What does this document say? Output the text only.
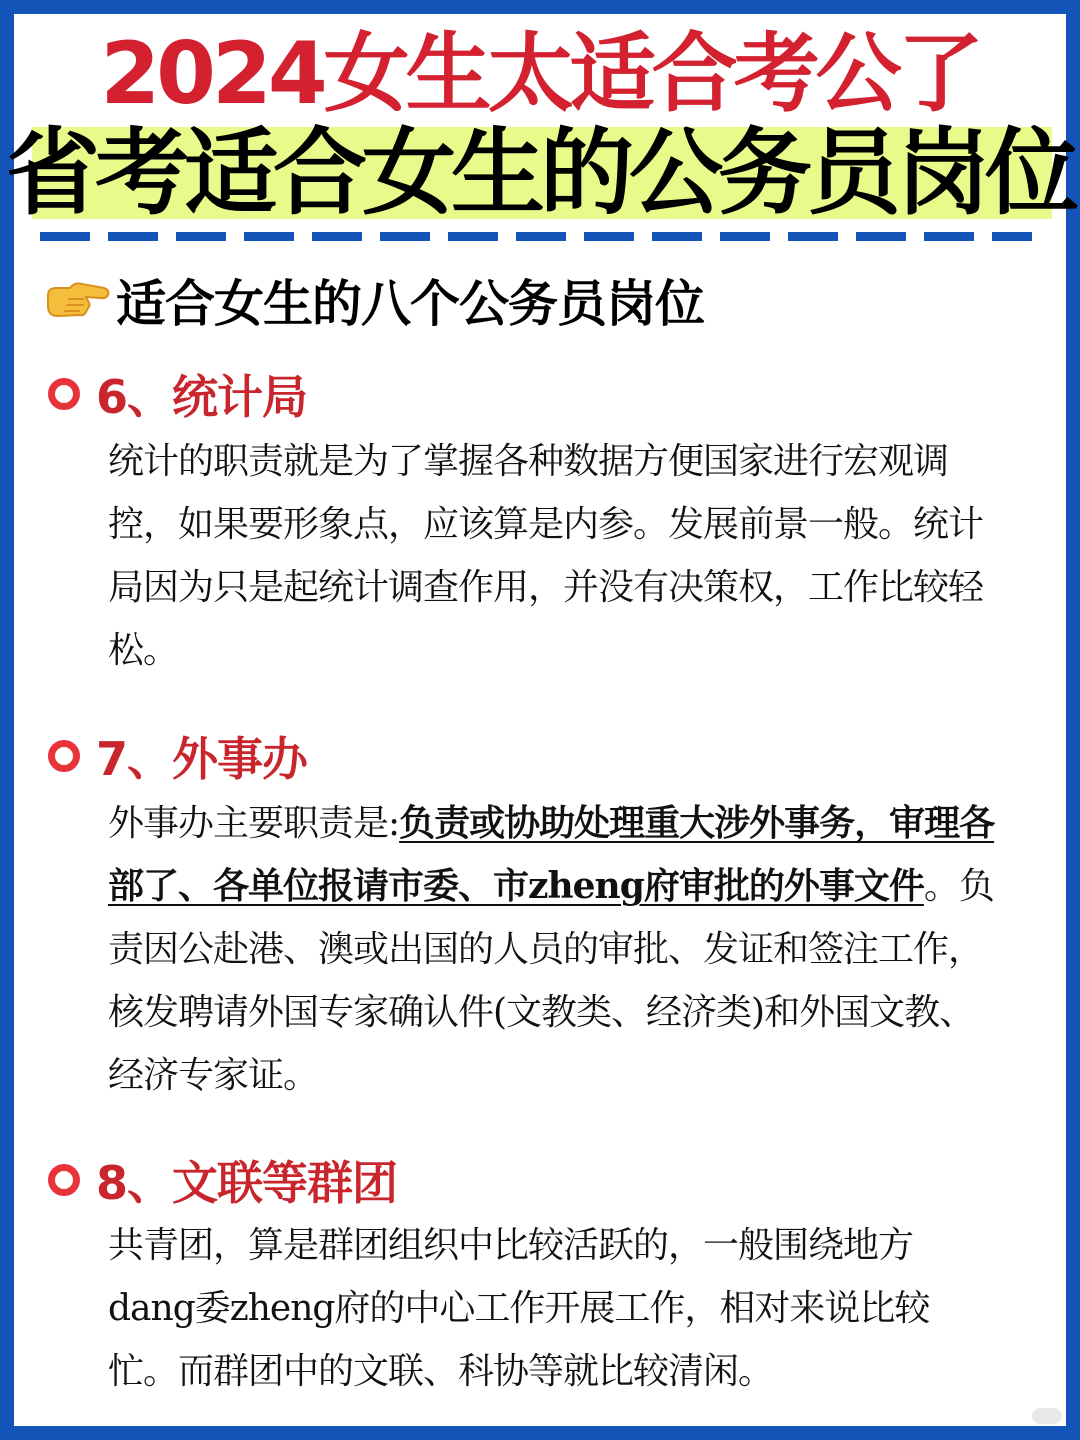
2024女生太适合考公了
省考适合女生的公务员岗位
适合女生的八个公务员岗位
6、统计局
统计的职责就是为了掌握各种数据方便国家进行宏观调控，如果要形象点，应该算是内参。发展前景一般。统计局因为只是起统计调查作用，并没有决策权，工作比较轻松。
7、外事办
外事办主要职责是:负责或协助处理重大涉外事务，审理各部了、各单位报请市委、市zheng府审批的外事文件。负责因公赴港、澳或出国的人员的审批、发证和签注工作，核发聘请外国专家确认件(文教类、经济类)和外国文教、经济专家证。
8、文联等群团
共青团，算是群团组织中比较活跃的，一般围绕地方dang委zheng府的中心工作开展工作，相对来说比较忙。而群团中的文联、科协等就比较清闲。
